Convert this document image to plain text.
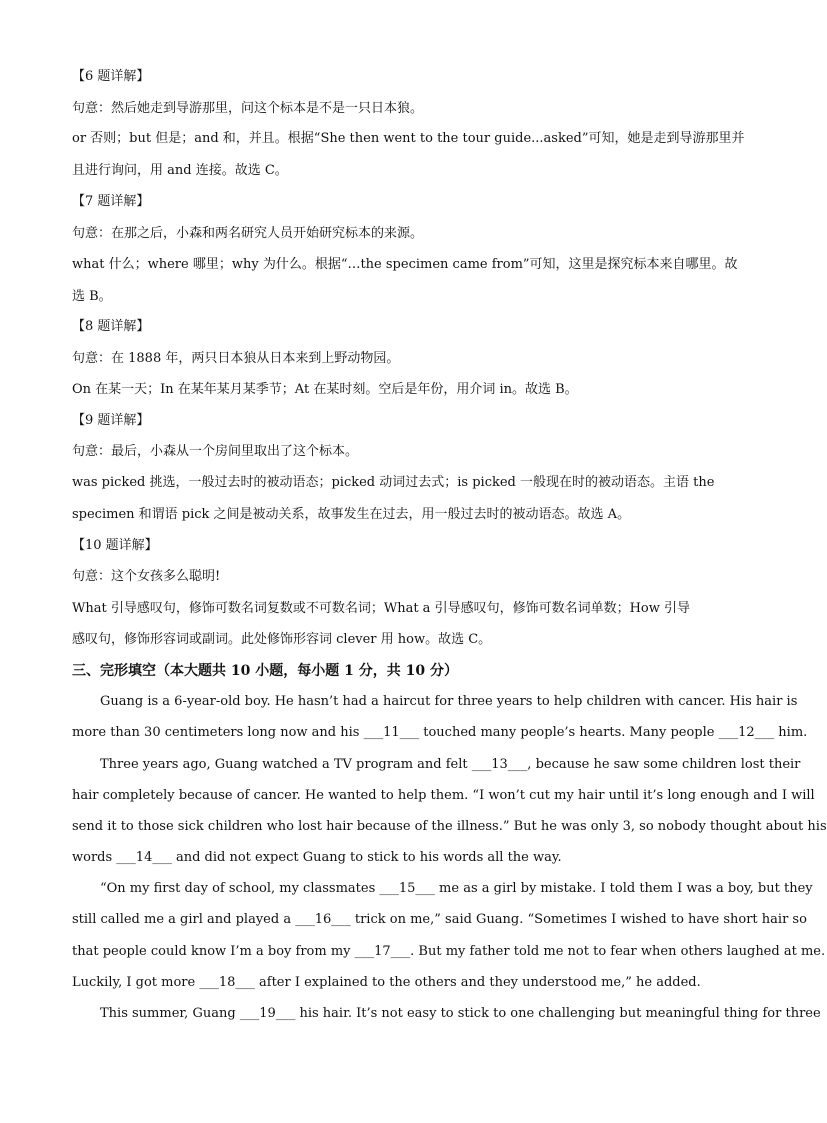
【6 题详解】
句意：然后她走到导游那里，问这个标本是不是一只日本狼。
or 否则；but 但是；and 和，并且。根据“She then went to the tour guide...asked”可知，她是走到导游那里并
且进行询问，用 and 连接。故选 C。
【7 题详解】
句意：在那之后，小森和两名研究人员开始研究标本的来源。
what 什么；where 哪里；why 为什么。根据“…the specimen came from”可知，这里是探究标本来自哪里。故
选 B。
【8 题详解】
句意：在 1888 年，两只日本狼从日本来到上野动物园。
On 在某一天；In 在某年某月某季节；At 在某时刻。空后是年份，用介词 in。故选 B。
【9 题详解】
句意：最后，小森从一个房间里取出了这个标本。
was picked 挑选，一般过去时的被动语态；picked 动词过去式；is picked 一般现在时的被动语态。主语 the
specimen 和谓语 pick 之间是被动关系，故事发生在过去，用一般过去时的被动语态。故选 A。
【10 题详解】
句意：这个女孩多么聪明!
What 引导感叹句，修饰可数名词复数或不可数名词；What a 引导感叹句，修饰可数名词单数；How 引导
感叹句，修饰形容词或副词。此处修饰形容词 clever 用 how。故选 C。
三、完形填空（本大题共 10 小题，每小题 1 分，共 10 分）
Guang is a 6-year-old boy. He hasn’t had a haircut for three years to help children with cancer. His hair is
more than 30 centimeters long now and his ___11___ touched many people’s hearts. Many people ___12___ him.
Three years ago, Guang watched a TV program and felt ___13___, because he saw some children lost their
hair completely because of cancer. He wanted to help them. “I won’t cut my hair until it’s long enough and I will
send it to those sick children who lost hair because of the illness.” But he was only 3, so nobody thought about his
words ___14___ and did not expect Guang to stick to his words all the way.
“On my first day of school, my classmates ___15___ me as a girl by mistake. I told them I was a boy, but they
still called me a girl and played a ___16___ trick on me,” said Guang. “Sometimes I wished to have short hair so
that people could know I’m a boy from my ___17___. But my father told me not to fear when others laughed at me.
Luckily, I got more ___18___ after I explained to the others and they understood me,” he added.
This summer, Guang ___19___ his hair. It’s not easy to stick to one challenging but meaningful thing for three
